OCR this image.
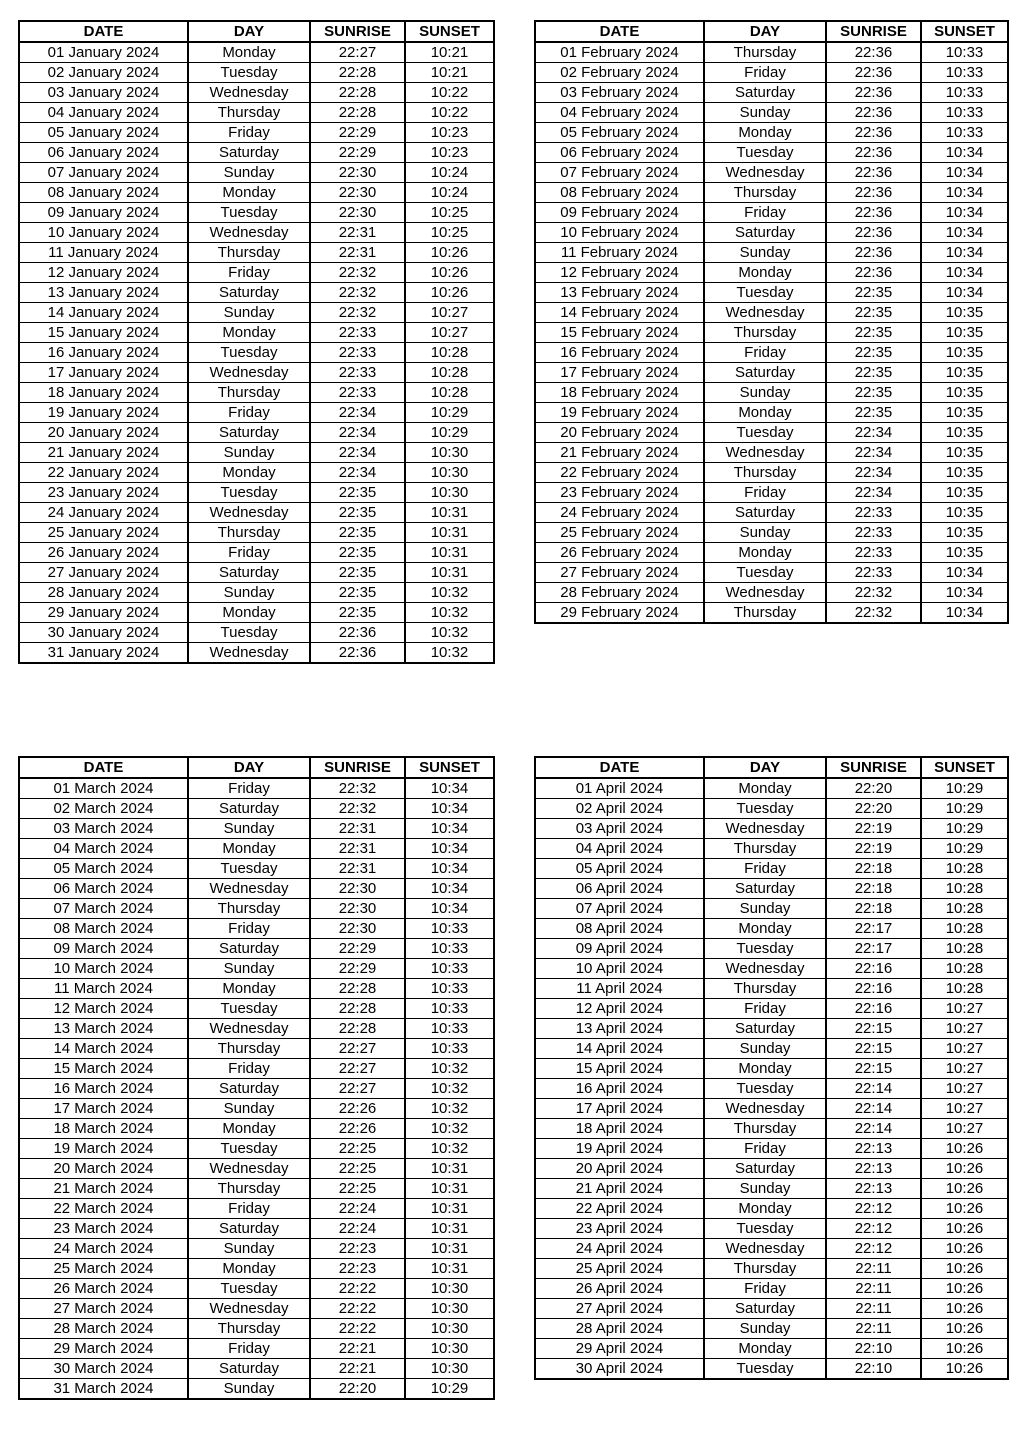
DATE	DAY	SUNRISE	SUNSET
01 January 2024	Monday	22:27	10:21
02 January 2024	Tuesday	22:28	10:21
03 January 2024	Wednesday	22:28	10:22
04 January 2024	Thursday	22:28	10:22
05 January 2024	Friday	22:29	10:23
06 January 2024	Saturday	22:29	10:23
07 January 2024	Sunday	22:30	10:24
08 January 2024	Monday	22:30	10:24
09 January 2024	Tuesday	22:30	10:25
10 January 2024	Wednesday	22:31	10:25
11 January 2024	Thursday	22:31	10:26
12 January 2024	Friday	22:32	10:26
13 January 2024	Saturday	22:32	10:26
14 January 2024	Sunday	22:32	10:27
15 January 2024	Monday	22:33	10:27
16 January 2024	Tuesday	22:33	10:28
17 January 2024	Wednesday	22:33	10:28
18 January 2024	Thursday	22:33	10:28
19 January 2024	Friday	22:34	10:29
20 January 2024	Saturday	22:34	10:29
21 January 2024	Sunday	22:34	10:30
22 January 2024	Monday	22:34	10:30
23 January 2024	Tuesday	22:35	10:30
24 January 2024	Wednesday	22:35	10:31
25 January 2024	Thursday	22:35	10:31
26 January 2024	Friday	22:35	10:31
27 January 2024	Saturday	22:35	10:31
28 January 2024	Sunday	22:35	10:32
29 January 2024	Monday	22:35	10:32
30 January 2024	Tuesday	22:36	10:32
31 January 2024	Wednesday	22:36	10:32
DATE	DAY	SUNRISE	SUNSET
01 February 2024	Thursday	22:36	10:33
02 February 2024	Friday	22:36	10:33
03 February 2024	Saturday	22:36	10:33
04 February 2024	Sunday	22:36	10:33
05 February 2024	Monday	22:36	10:33
06 February 2024	Tuesday	22:36	10:34
07 February 2024	Wednesday	22:36	10:34
08 February 2024	Thursday	22:36	10:34
09 February 2024	Friday	22:36	10:34
10 February 2024	Saturday	22:36	10:34
11 February 2024	Sunday	22:36	10:34
12 February 2024	Monday	22:36	10:34
13 February 2024	Tuesday	22:35	10:34
14 February 2024	Wednesday	22:35	10:35
15 February 2024	Thursday	22:35	10:35
16 February 2024	Friday	22:35	10:35
17 February 2024	Saturday	22:35	10:35
18 February 2024	Sunday	22:35	10:35
19 February 2024	Monday	22:35	10:35
20 February 2024	Tuesday	22:34	10:35
21 February 2024	Wednesday	22:34	10:35
22 February 2024	Thursday	22:34	10:35
23 February 2024	Friday	22:34	10:35
24 February 2024	Saturday	22:33	10:35
25 February 2024	Sunday	22:33	10:35
26 February 2024	Monday	22:33	10:35
27 February 2024	Tuesday	22:33	10:34
28 February 2024	Wednesday	22:32	10:34
29 February 2024	Thursday	22:32	10:34
DATE	DAY	SUNRISE	SUNSET
01 March 2024	Friday	22:32	10:34
02 March 2024	Saturday	22:32	10:34
03 March 2024	Sunday	22:31	10:34
04 March 2024	Monday	22:31	10:34
05 March 2024	Tuesday	22:31	10:34
06 March 2024	Wednesday	22:30	10:34
07 March 2024	Thursday	22:30	10:34
08 March 2024	Friday	22:30	10:33
09 March 2024	Saturday	22:29	10:33
10 March 2024	Sunday	22:29	10:33
11 March 2024	Monday	22:28	10:33
12 March 2024	Tuesday	22:28	10:33
13 March 2024	Wednesday	22:28	10:33
14 March 2024	Thursday	22:27	10:33
15 March 2024	Friday	22:27	10:32
16 March 2024	Saturday	22:27	10:32
17 March 2024	Sunday	22:26	10:32
18 March 2024	Monday	22:26	10:32
19 March 2024	Tuesday	22:25	10:32
20 March 2024	Wednesday	22:25	10:31
21 March 2024	Thursday	22:25	10:31
22 March 2024	Friday	22:24	10:31
23 March 2024	Saturday	22:24	10:31
24 March 2024	Sunday	22:23	10:31
25 March 2024	Monday	22:23	10:31
26 March 2024	Tuesday	22:22	10:30
27 March 2024	Wednesday	22:22	10:30
28 March 2024	Thursday	22:22	10:30
29 March 2024	Friday	22:21	10:30
30 March 2024	Saturday	22:21	10:30
31 March 2024	Sunday	22:20	10:29
DATE	DAY	SUNRISE	SUNSET
01 April 2024	Monday	22:20	10:29
02 April 2024	Tuesday	22:20	10:29
03 April 2024	Wednesday	22:19	10:29
04 April 2024	Thursday	22:19	10:29
05 April 2024	Friday	22:18	10:28
06 April 2024	Saturday	22:18	10:28
07 April 2024	Sunday	22:18	10:28
08 April 2024	Monday	22:17	10:28
09 April 2024	Tuesday	22:17	10:28
10 April 2024	Wednesday	22:16	10:28
11 April 2024	Thursday	22:16	10:28
12 April 2024	Friday	22:16	10:27
13 April 2024	Saturday	22:15	10:27
14 April 2024	Sunday	22:15	10:27
15 April 2024	Monday	22:15	10:27
16 April 2024	Tuesday	22:14	10:27
17 April 2024	Wednesday	22:14	10:27
18 April 2024	Thursday	22:14	10:27
19 April 2024	Friday	22:13	10:26
20 April 2024	Saturday	22:13	10:26
21 April 2024	Sunday	22:13	10:26
22 April 2024	Monday	22:12	10:26
23 April 2024	Tuesday	22:12	10:26
24 April 2024	Wednesday	22:12	10:26
25 April 2024	Thursday	22:11	10:26
26 April 2024	Friday	22:11	10:26
27 April 2024	Saturday	22:11	10:26
28 April 2024	Sunday	22:11	10:26
29 April 2024	Monday	22:10	10:26
30 April 2024	Tuesday	22:10	10:26
